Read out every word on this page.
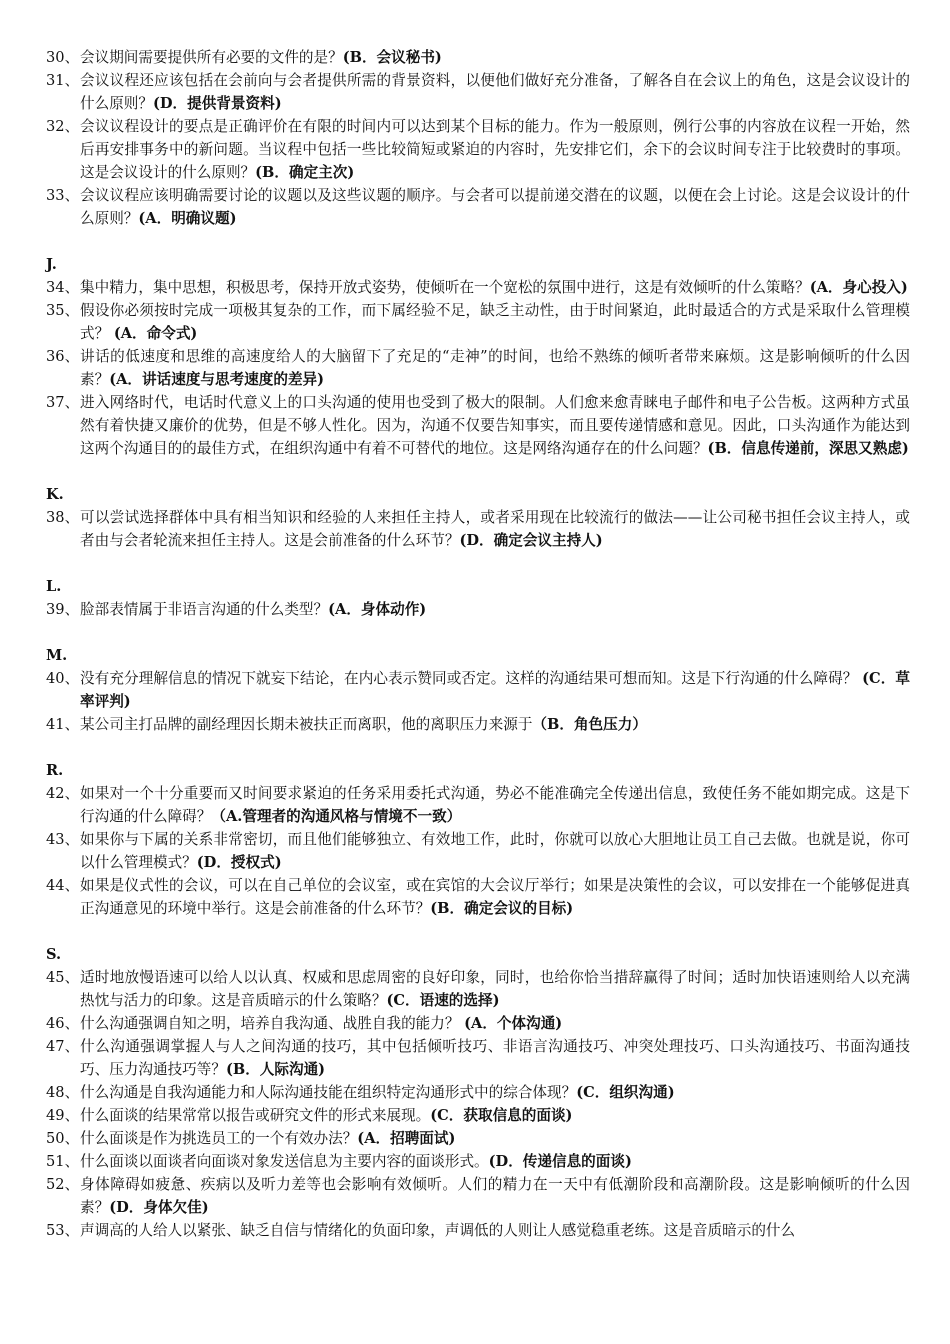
30、 会议期间需要提供所有必要的文件的是？(B．会议秘书)
31、 会议议程还应该包括在会前向与会者提供所需的背景资料，以便他们做好充分准备，了解各自在会议上的角色，这是会议设计的什么原则？(D．提供背景资料)
32、 会议议程设计的要点是正确评价在有限的时间内可以达到某个目标的能力。作为一般原则，例行公事的内容放在议程一开始，然后再安排事务中的新问题。当议程中包括一些比较简短或紧迫的内容时，先安排它们，余下的会议时间专注于比较费时的事项。这是会议设计的什么原则？(B．确定主次)
33、 会议议程应该明确需要讨论的议题以及这些议题的顺序。与会者可以提前递交潜在的议题，以便在会上讨论。这是会议设计的什么原则？(A．明确议题)
J.
34、 集中精力，集中思想，积极思考，保持开放式姿势，使倾听在一个宽松的氛围中进行，这是有效倾听的什么策略？(A．身心投入)
35、 假设你必须按时完成一项极其复杂的工作，而下属经验不足，缺乏主动性，由于时间紧迫，此时最适合的方式是采取什么管理模式？ (A．命令式)
36、 讲话的低速度和思维的高速度给人的大脑留下了充足的“走神”的时间，也给不熟练的倾听者带来麻烦。这是影响倾听的什么因素？(A．讲话速度与思考速度的差异)
37、 进入网络时代，电话时代意义上的口头沟通的使用也受到了极大的限制。人们愈来愈青睐电子邮件和电子公告板。这两种方式虽然有着快捷又廉价的优势，但是不够人性化。因为，沟通不仅要告知事实，而且要传递情感和意见。因此，口头沟通作为能达到这两个沟通目的的最佳方式，在组织沟通中有着不可替代的地位。这是网络沟通存在的什么问题？(B．信息传递前，深思又熟虑)
K.
38、 可以尝试选择群体中具有相当知识和经验的人来担任主持人，或者采用现在比较流行的做法——让公司秘书担任会议主持人，或者由与会者轮流来担任主持人。这是会前准备的什么环节？(D．确定会议主持人)
L.
39、 脸部表情属于非语言沟通的什么类型？(A．身体动作)
M.
40、 没有充分理解信息的情况下就妄下结论，在内心表示赞同或否定。这样的沟通结果可想而知。这是下行沟通的什么障碍？ (C．草率评判)
41、 某公司主打品牌的副经理因长期未被扶正而离职，他的离职压力来源于（B．角色压力）
R.
42、 如果对一个十分重要而又时间要求紧迫的任务采用委托式沟通，势必不能准确完全传递出信息，致使任务不能如期完成。这是下行沟通的什么障碍？（A.管理者的沟通风格与情境不一致）
43、 如果你与下属的关系非常密切，而且他们能够独立、有效地工作，此时，你就可以放心大胆地让员工自己去做。也就是说，你可以什么管理模式？(D．授权式)
44、 如果是仪式性的会议，可以在自己单位的会议室，或在宾馆的大会议厅举行；如果是决策性的会议，可以安排在一个能够促进真正沟通意见的环境中举行。这是会前准备的什么环节？(B．确定会议的目标)
S.
45、 适时地放慢语速可以给人以认真、权威和思虑周密的良好印象，同时，也给你恰当措辞赢得了时间；适时加快语速则给人以充满热忱与活力的印象。这是音质暗示的什么策略？(C．语速的选择)
46、 什么沟通强调自知之明，培养自我沟通、战胜自我的能力？ (A．个体沟通)
47、 什么沟通强调掌握人与人之间沟通的技巧，其中包括倾听技巧、非语言沟通技巧、冲突处理技巧、口头沟通技巧、书面沟通技巧、压力沟通技巧等？(B．人际沟通)
48、 什么沟通是自我沟通能力和人际沟通技能在组织特定沟通形式中的综合体现？(C．组织沟通)
49、 什么面谈的结果常常以报告或研究文件的形式来展现。(C．获取信息的面谈)
50、 什么面谈是作为挑选员工的一个有效办法？(A．招聘面试)
51、 什么面谈以面谈者向面谈对象发送信息为主要内容的面谈形式。(D．传递信息的面谈)
52、 身体障碍如疲惫、疾病以及听力差等也会影响有效倾听。人们的精力在一天中有低潮阶段和高潮阶段。这是影响倾听的什么因素？(D．身体欠佳)
53、 声调高的人给人以紧张、缺乏自信与情绪化的负面印象，声调低的人则让人感觉稳重老练。这是音质暗示的什么
